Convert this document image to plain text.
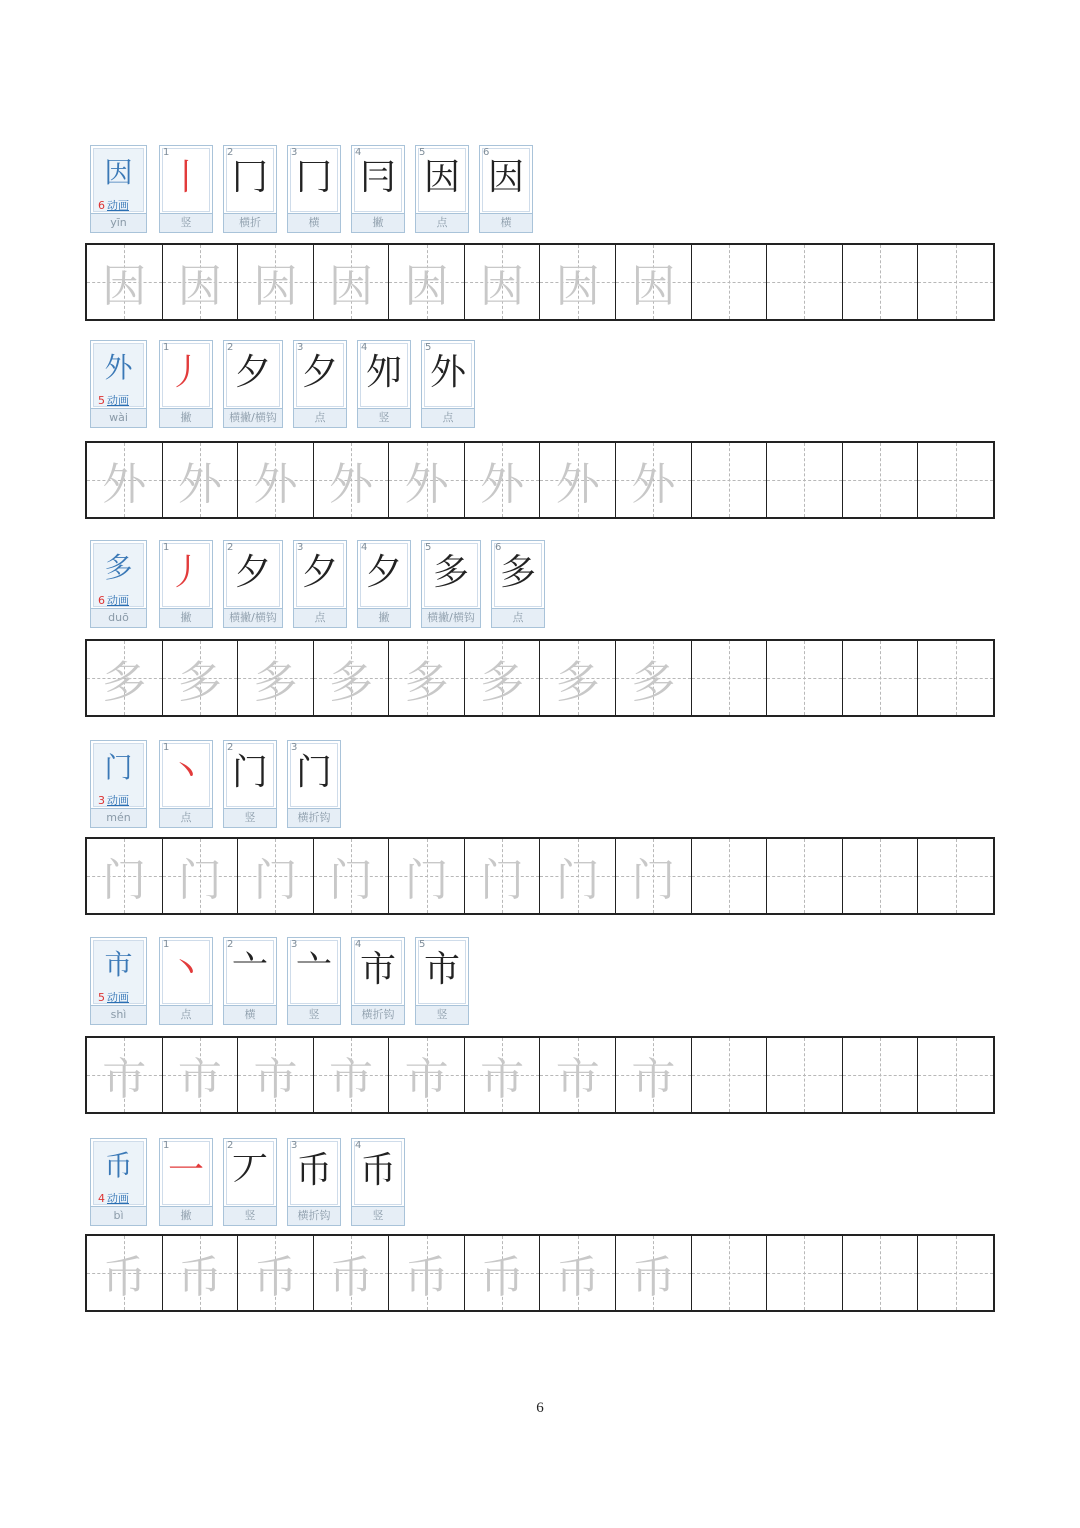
因
6 动画
yīn
1
丨
竖
2
冂
横折
3
冂
横
4
冃
撇
5
因
点
6
因
横
因 因 因 因 因 因 因 因
外
5 动画
wài
1
丿
撇
2
夕
横撇/横钩
3
夕
点
4
夘
竖
5
外
点
外 外 外 外 外 外 外 外
多
6 动画
duō
1
丿
撇
2
夕
横撇/横钩
3
夕
点
4
夕
撇
5
多
横撇/横钩
6
多
点
多 多 多 多 多 多 多 多
门
3 动画
mén
1
丶
点
2
门
竖
3
门
横折钩
门 门 门 门 门 门 门 门
市
5 动画
shì
1
丶
点
2
亠
横
3
亠
竖
4
市
横折钩
5
市
竖
市 市 市 市 市 市 市 市
币
4 动画
bì
1
一
撇
2
丆
竖
3
币
横折钩
4
币
竖
币 币 币 币 币 币 币 币
6
